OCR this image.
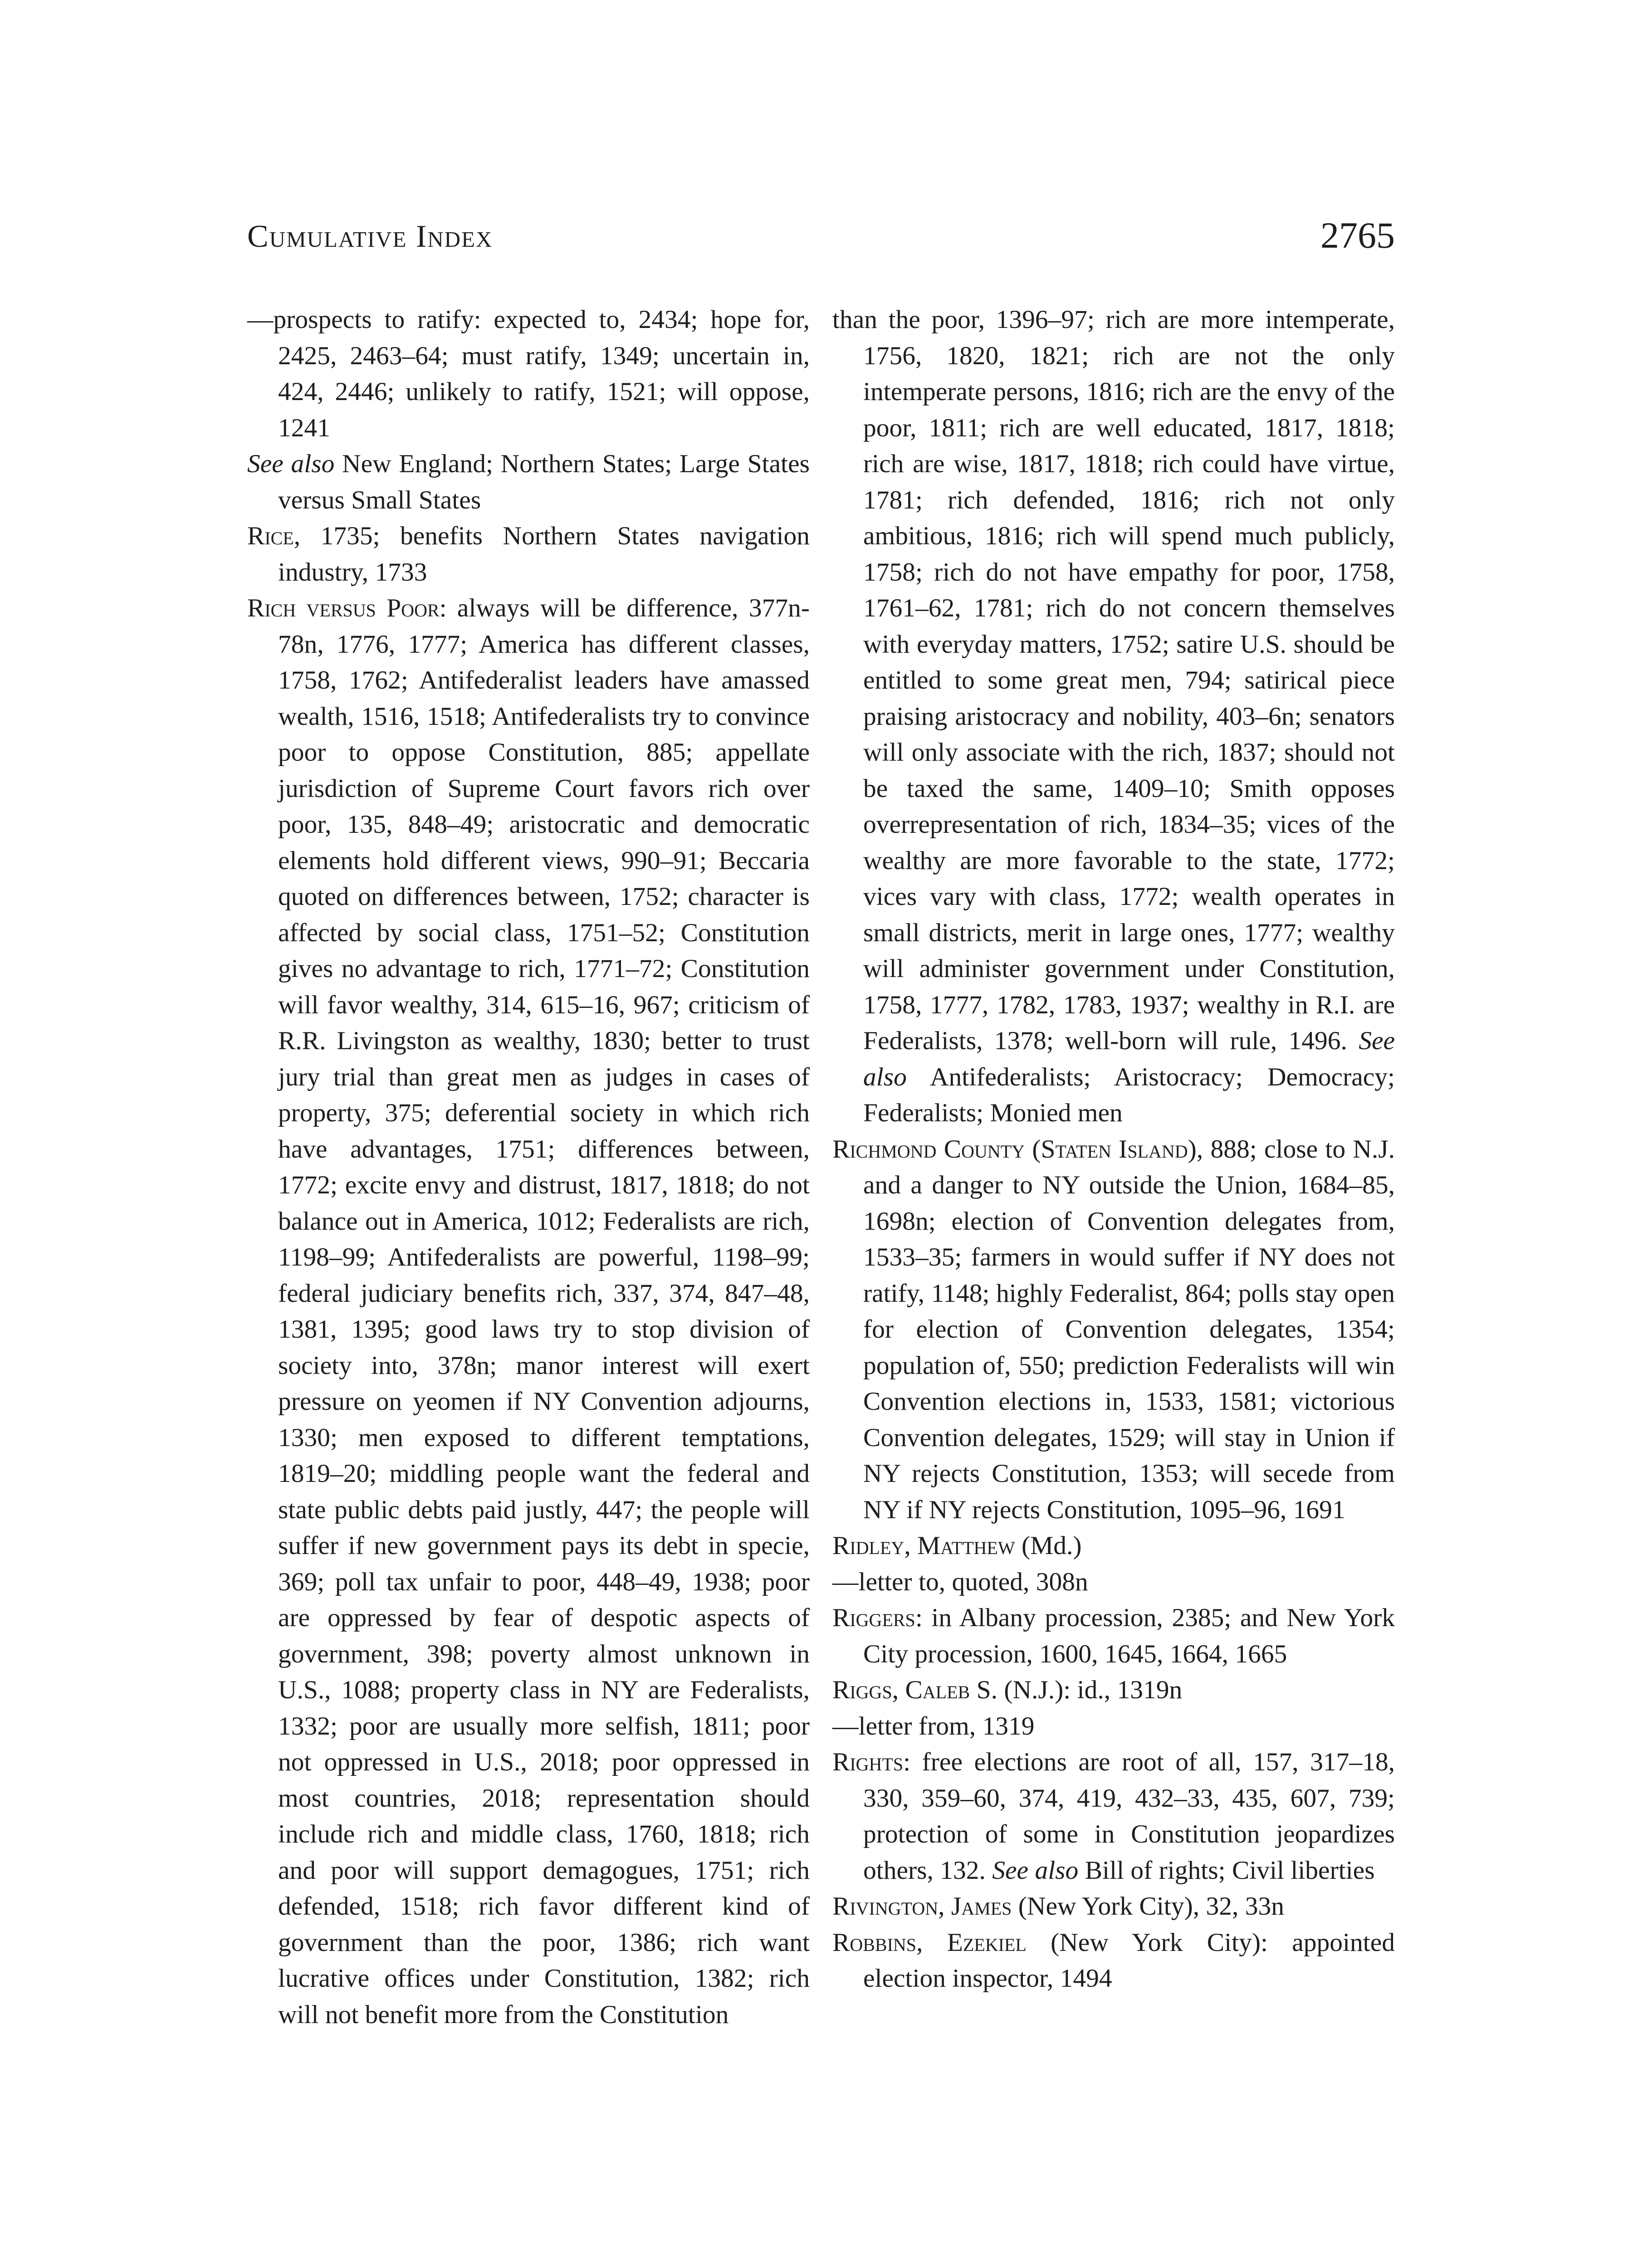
Cumulative Index	2765

—prospects to ratify: expected to, 2434; hope for, 2425, 2463–64; must ratify, 1349; uncertain in, 424, 2446; unlikely to ratify, 1521; will oppose, 1241

See also New England; Northern States; Large States versus Small States

Rice, 1735; benefits Northern States navigation industry, 1733

Rich versus Poor: always will be difference, 377n-78n, 1776, 1777; America has different classes, 1758, 1762; Antifederalist leaders have amassed wealth, 1516, 1518; Antifederalists try to convince poor to oppose Constitution, 885; appellate jurisdiction of Supreme Court favors rich over poor, 135, 848–49; aristocratic and democratic elements hold different views, 990–91; Beccaria quoted on differences between, 1752; character is affected by social class, 1751–52; Constitution gives no advantage to rich, 1771–72; Constitution will favor wealthy, 314, 615–16, 967; criticism of R.R. Livingston as wealthy, 1830; better to trust jury trial than great men as judges in cases of property, 375; deferential society in which rich have advantages, 1751; differences between, 1772; excite envy and distrust, 1817, 1818; do not balance out in America, 1012; Federalists are rich, 1198–99; Antifederalists are powerful, 1198–99; federal judiciary benefits rich, 337, 374, 847–48, 1381, 1395; good laws try to stop division of society into, 378n; manor interest will exert pressure on yeomen if NY Convention adjourns, 1330; men exposed to different temptations, 1819–20; middling people want the federal and state public debts paid justly, 447; the people will suffer if new government pays its debt in specie, 369; poll tax unfair to poor, 448–49, 1938; poor are oppressed by fear of despotic aspects of government, 398; poverty almost unknown in U.S., 1088; property class in NY are Federalists, 1332; poor are usually more selfish, 1811; poor not oppressed in U.S., 2018; poor oppressed in most countries, 2018; representation should include rich and middle class, 1760, 1818; rich and poor will support demagogues, 1751; rich defended, 1518; rich favor different kind of government than the poor, 1386; rich want lucrative offices under Constitution, 1382; rich will not benefit more from the Constitution

than the poor, 1396–97; rich are more intemperate, 1756, 1820, 1821; rich are not the only intemperate persons, 1816; rich are the envy of the poor, 1811; rich are well educated, 1817, 1818; rich are wise, 1817, 1818; rich could have virtue, 1781; rich defended, 1816; rich not only ambitious, 1816; rich will spend much publicly, 1758; rich do not have empathy for poor, 1758, 1761–62, 1781; rich do not concern themselves with everyday matters, 1752; satire U.S. should be entitled to some great men, 794; satirical piece praising aristocracy and nobility, 403–6n; senators will only associate with the rich, 1837; should not be taxed the same, 1409–10; Smith opposes overrepresentation of rich, 1834–35; vices of the wealthy are more favorable to the state, 1772; vices vary with class, 1772; wealth operates in small districts, merit in large ones, 1777; wealthy will administer government under Constitution, 1758, 1777, 1782, 1783, 1937; wealthy in R.I. are Federalists, 1378; well-born will rule, 1496. See also Antifederalists; Aristocracy; Democracy; Federalists; Monied men

Richmond County (Staten Island), 888; close to N.J. and a danger to NY outside the Union, 1684–85, 1698n; election of Convention delegates from, 1533–35; farmers in would suffer if NY does not ratify, 1148; highly Federalist, 864; polls stay open for election of Convention delegates, 1354; population of, 550; prediction Federalists will win Convention elections in, 1533, 1581; victorious Convention delegates, 1529; will stay in Union if NY rejects Constitution, 1353; will secede from NY if NY rejects Constitution, 1095–96, 1691

Ridley, Matthew (Md.)

—letter to, quoted, 308n

Riggers: in Albany procession, 2385; and New York City procession, 1600, 1645, 1664, 1665

Riggs, Caleb S. (N.J.): id., 1319n

—letter from, 1319

Rights: free elections are root of all, 157, 317–18, 330, 359–60, 374, 419, 432–33, 435, 607, 739; protection of some in Constitution jeopardizes others, 132. See also Bill of rights; Civil liberties

Rivington, James (New York City), 32, 33n

Robbins, Ezekiel (New York City): appointed election inspector, 1494
